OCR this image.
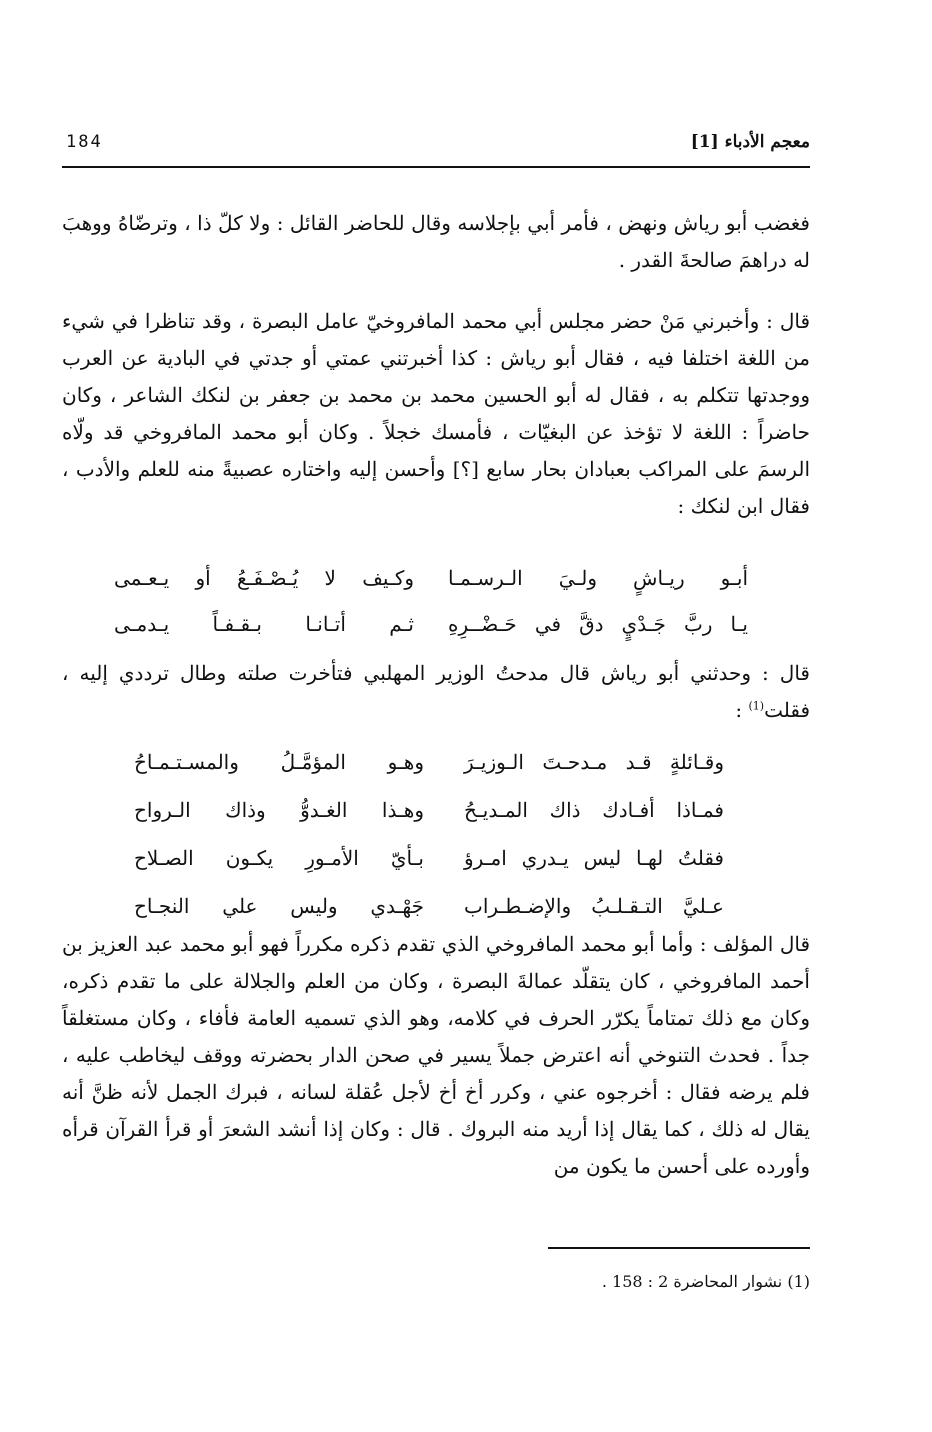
184	معجم الأدباء [1]

فغضب أبو رياش ونهض ، فأمر أبي بإجلاسه وقال للحاضر القائل : ولا كلّ ذا ، وترضّاهُ ووهبَ له دراهمَ صالحةَ القدر .

قال : وأخبرني مَنْ حضر مجلس أبي محمد المافروخيّ عامل البصرة ، وقد تناظرا في شيء من اللغة اختلفا فيه ، فقال أبو رياش : كذا أخبرتني عمتي أو جدتي في البادية عن العرب ووجدتها تتكلم به ، فقال له أبو الحسين محمد بن محمد بن جعفر بن لنكك الشاعر ، وكان حاضراً : اللغة لا تؤخذ عن البغيّات ، فأمسك خجلاً . وكان أبو محمد المافروخي قد ولّاه الرسمَ على المراكب بعبادان بحار سابع [؟] وأحسن إليه واختاره عصبيةً منه للعلم والأدب ، فقال ابن لنكك :

أبـو ريـاشٍ ولـيَ الـرسـمـا
وكـيف لا يُـصْـفَـعُ أو يـعـمى
يـا ربَّ جَـدْيٍ دقَّ في حَـضْــرِهِ
ثـم أتـانـا بـقـفـاً يـدمـى

قال : وحدثني أبو رياش قال مدحتُ الوزير المهلبي فتأخرت صلته وطال ترددي إليه ، فقلت$^{(1)}$ :

وقـائلةٍ قـد مـدحـتَ الـوزيـرَ
وهـو المؤمَّـلُ والمسـتـمـاحُ
فمـاذا أفـادك ذاك المـديـحُ
وهـذا الغـدوُّ وذاك الـرواح
فقلتُ لهـا ليس يـدري امـرؤ
بـأيّ الأمـورِ يكـون الصـلاح
عـليَّ التـقـلـبُ والإضـطـراب
جَهْـدي وليس علي النجـاح

قال المؤلف : وأما أبو محمد المافروخي الذي تقدم ذكره مكرراً فهو أبو محمد عبد العزيز بن أحمد المافروخي ، كان يتقلّد عمالةَ البصرة ، وكان من العلم والجلالة على ما تقدم ذكره، وكان مع ذلك تمتاماً يكرّر الحرف في كلامه، وهو الذي تسميه العامة فأفاء ، وكان مستغلقاً جداً . فحدث التنوخي أنه اعترض جملاً يسير في صحن الدار بحضرته ووقف ليخاطب عليه ، فلم يرضه فقال : أخرجوه عني ، وكرر أخ أخ لأجل عُقلة لسانه ، فبرك الجمل لأنه ظنَّ أنه يقال له ذلك ، كما يقال إذا أريد منه البروك . قال : وكان إذا أنشد الشعرَ أو قرأ القرآن قرأه وأورده على أحسن ما يكون من

(1) نشوار المحاضرة 2 : 158 .
